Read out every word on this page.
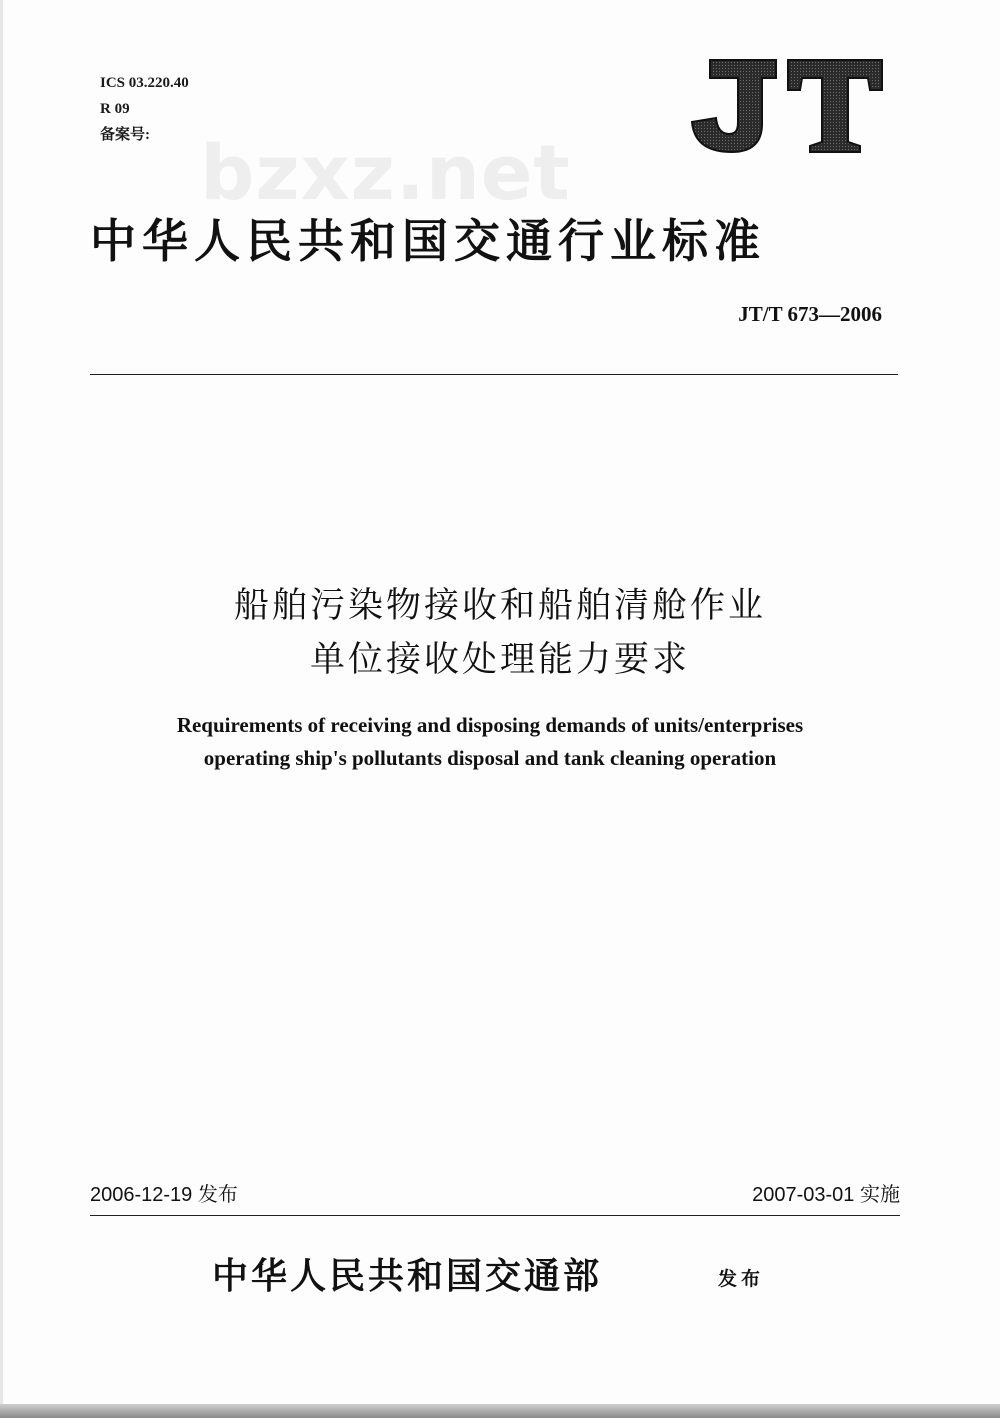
ICS 03.220.40
R 09
备案号: bzxz.net
中华人民共和国交通行业标准
JT/T 673—2006
船舶污染物接收和船舶清舱作业
单位接收处理能力要求
Requirements of receiving and disposing demands of units/enterprises
operating ship's pollutants disposal and tank cleaning operation
2006-12-19 发布	2007-03-01 实施
中华人民共和国交通部	发布
